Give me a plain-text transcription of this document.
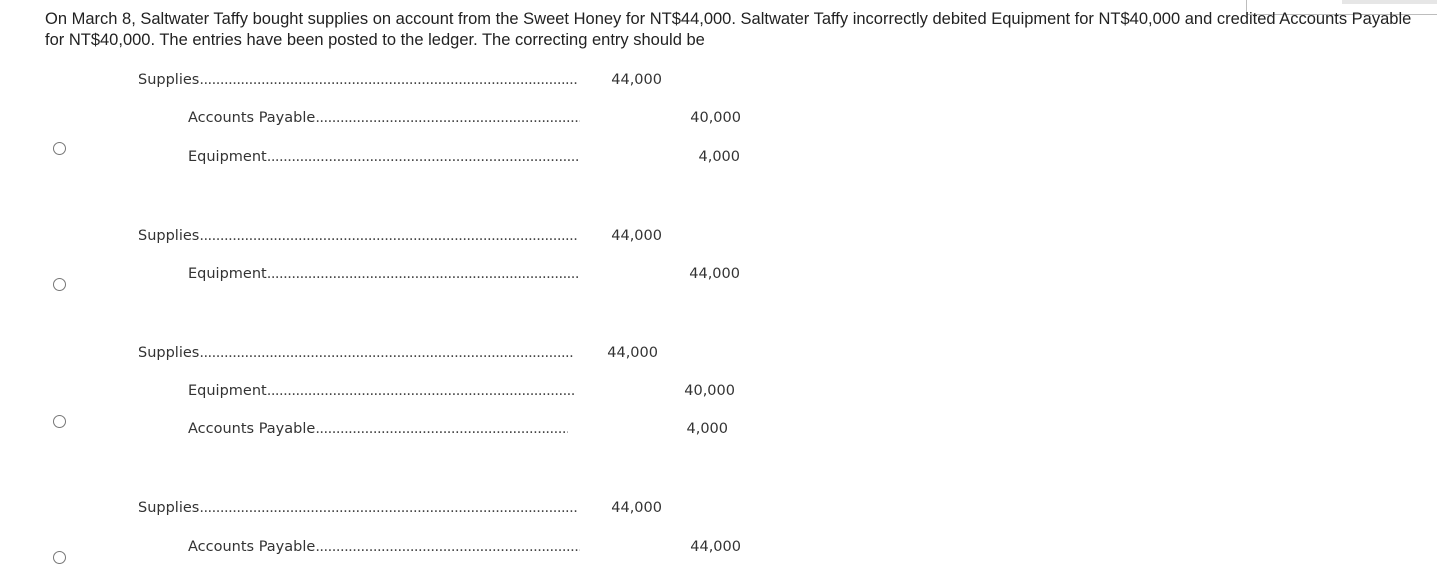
On March 8, Saltwater Taffy bought supplies on account from the Sweet Honey for NT$44,000. Saltwater Taffy incorrectly debited Equipment for NT$40,000 and credited Accounts Payable for NT$40,000. The entries have been posted to the ledger. The correcting entry should be
Supplies .....	44,000
Accounts Payable .....	40,000
Equipment .....	4,000
Supplies .....	44,000
Equipment .....	44,000
Supplies .....	44,000
Equipment .....	40,000
Accounts Payable .....	4,000
Supplies .....	44,000
Accounts Payable .....	44,000
